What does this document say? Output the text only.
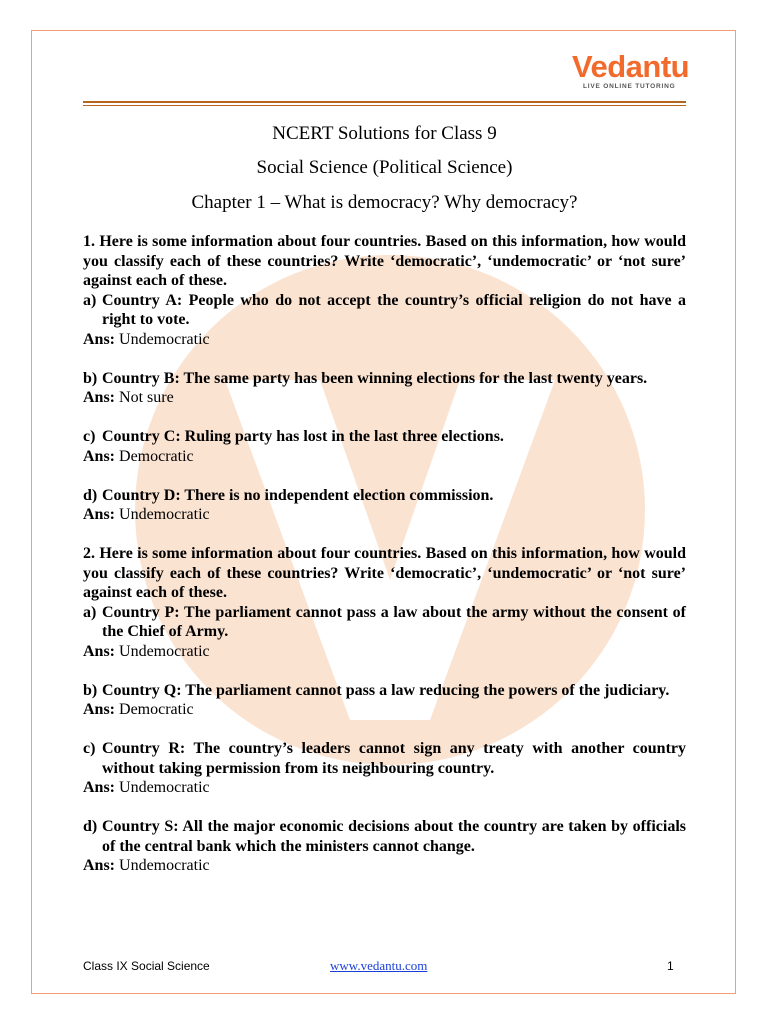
Vedantu
LIVE ONLINE TUTORING
NCERT Solutions for Class 9
Social Science (Political Science)
Chapter 1 – What is democracy? Why democracy?

1. Here is some information about four countries. Based on this information, how would you classify each of these countries? Write ‘democratic’, ‘undemocratic’ or ‘not sure’ against each of these.

a) Country A: People who do not accept the country’s official religion do not have a right to vote.

Ans: Undemocratic

b) Country B: The same party has been winning elections for the last twenty years.

Ans: Not sure

c) Country C: Ruling party has lost in the last three elections.

Ans: Democratic

d) Country D: There is no independent election commission.

Ans: Undemocratic

2. Here is some information about four countries. Based on this information, how would you classify each of these countries? Write ‘democratic’, ‘undemocratic’ or ‘not sure’ against each of these.

a) Country P: The parliament cannot pass a law about the army without the consent of the Chief of Army.

Ans: Undemocratic

b) Country Q: The parliament cannot pass a law reducing the powers of the judiciary.

Ans: Democratic

c) Country R: The country’s leaders cannot sign any treaty with another country without taking permission from its neighbouring country.

Ans: Undemocratic

d) Country S: All the major economic decisions about the country are taken by officials of the central bank which the ministers cannot change.

Ans: Undemocratic

Class IX Social Science	www.vedantu.com	1
